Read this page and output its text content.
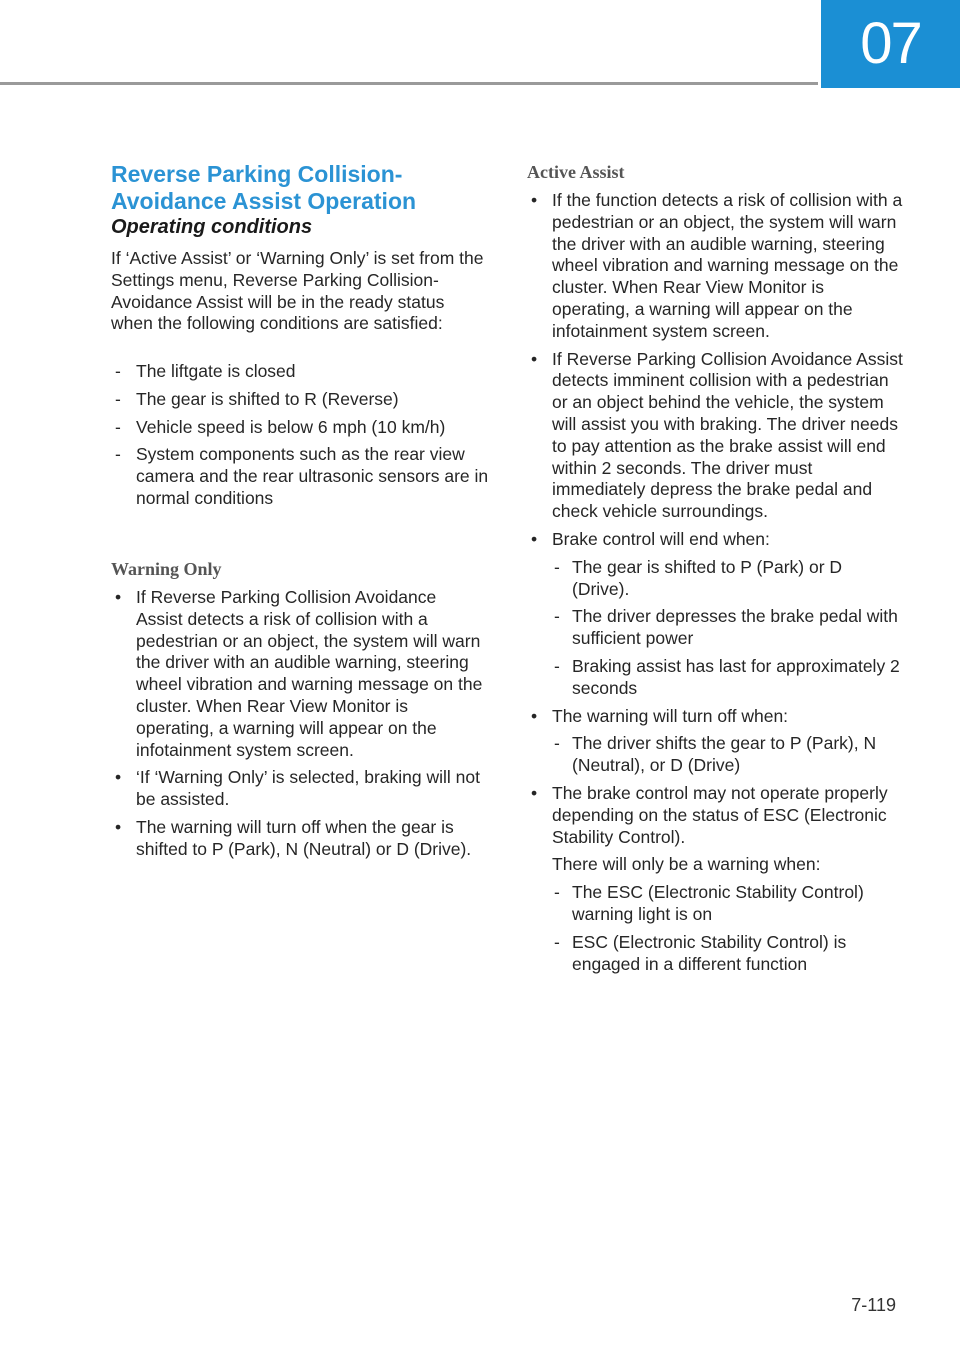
07
Reverse Parking Collision-Avoidance Assist Operation
Operating conditions

If ‘Active Assist’ or ‘Warning Only’ is set from the Settings menu, Reverse Parking Collision-Avoidance Assist will be in the ready status when the following conditions are satisfied:

- The liftgate is closed
- The gear is shifted to R (Reverse)
- Vehicle speed is below 6 mph (10 km/h)
- System components such as the rear view camera and the rear ultrasonic sensors are in normal conditions
Warning Only
• If Reverse Parking Collision Avoidance Assist detects a risk of collision with a pedestrian or an object, the system will warn the driver with an audible warning, steering wheel vibration and warning message on the cluster. When Rear View Monitor is operating, a warning will appear on the infotainment system screen.
• ‘If ‘Warning Only’ is selected, braking will not be assisted.
• The warning will turn off when the gear is shifted to P (Park), N (Neutral) or D (Drive).
Active Assist
• If the function detects a risk of collision with a pedestrian or an object, the system will warn the driver with an audible warning, steering wheel vibration and warning message on the cluster. When Rear View Monitor is operating, a warning will appear on the infotainment system screen.
• If Reverse Parking Collision Avoidance Assist detects imminent collision with a pedestrian or an object behind the vehicle, the system will assist you with braking. The driver needs to pay attention as the brake assist will end within 2 seconds. The driver must immediately depress the brake pedal and check vehicle surroundings.
• Brake control will end when:
- The gear is shifted to P (Park) or D (Drive).
- The driver depresses the brake pedal with sufficient power
- Braking assist has last for approximately 2 seconds
• The warning will turn off when:
- The driver shifts the gear to P (Park), N (Neutral), or D (Drive)
• The brake control may not operate properly depending on the status of ESC (Electronic Stability Control).
There will only be a warning when:
- The ESC (Electronic Stability Control) warning light is on
- ESC (Electronic Stability Control) is engaged in a different function
7-119
